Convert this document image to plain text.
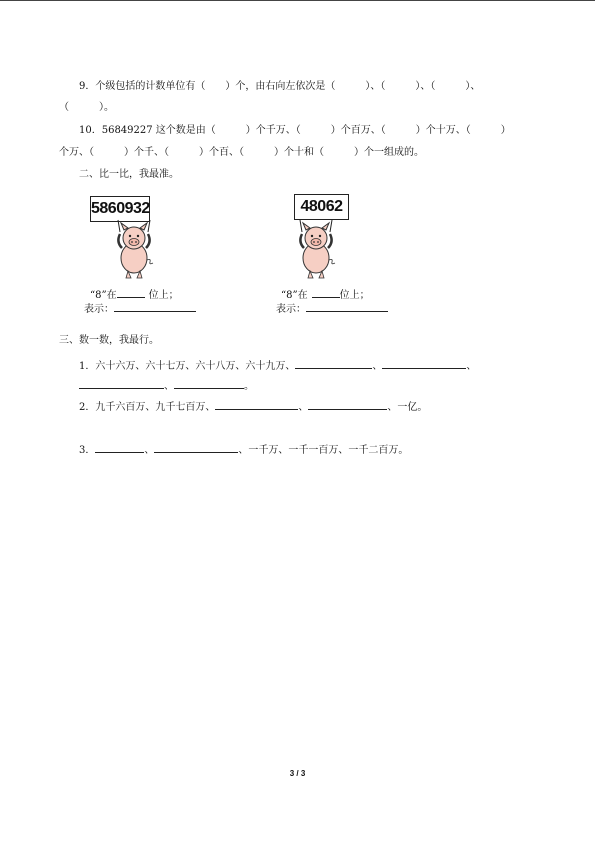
9．个级包括的计数单位有（　　）个，由右向左依次是（　　　）、（　　　）、（　　　）、
（　　　）。
10．56849227 这个数是由（　　　）个千万、（　　　）个百万、（　　　）个十万、（　　　）
个万、（　　　）个千、（　　　）个百、（　　　）个十和（　　　）个一组成的。
二、比一比，我最准。
5860932	48062
“8”在	位上；
表示：
“8”在	位上；
表示：
三、数一数，我最行。
1．六十六万、六十七万、六十八万、六十九万、	、	、
、	。
2．九千六百万、九千七百万、	、	、一亿。
3．	、	、一千万、一千一百万、一千二百万。
3 / 3
